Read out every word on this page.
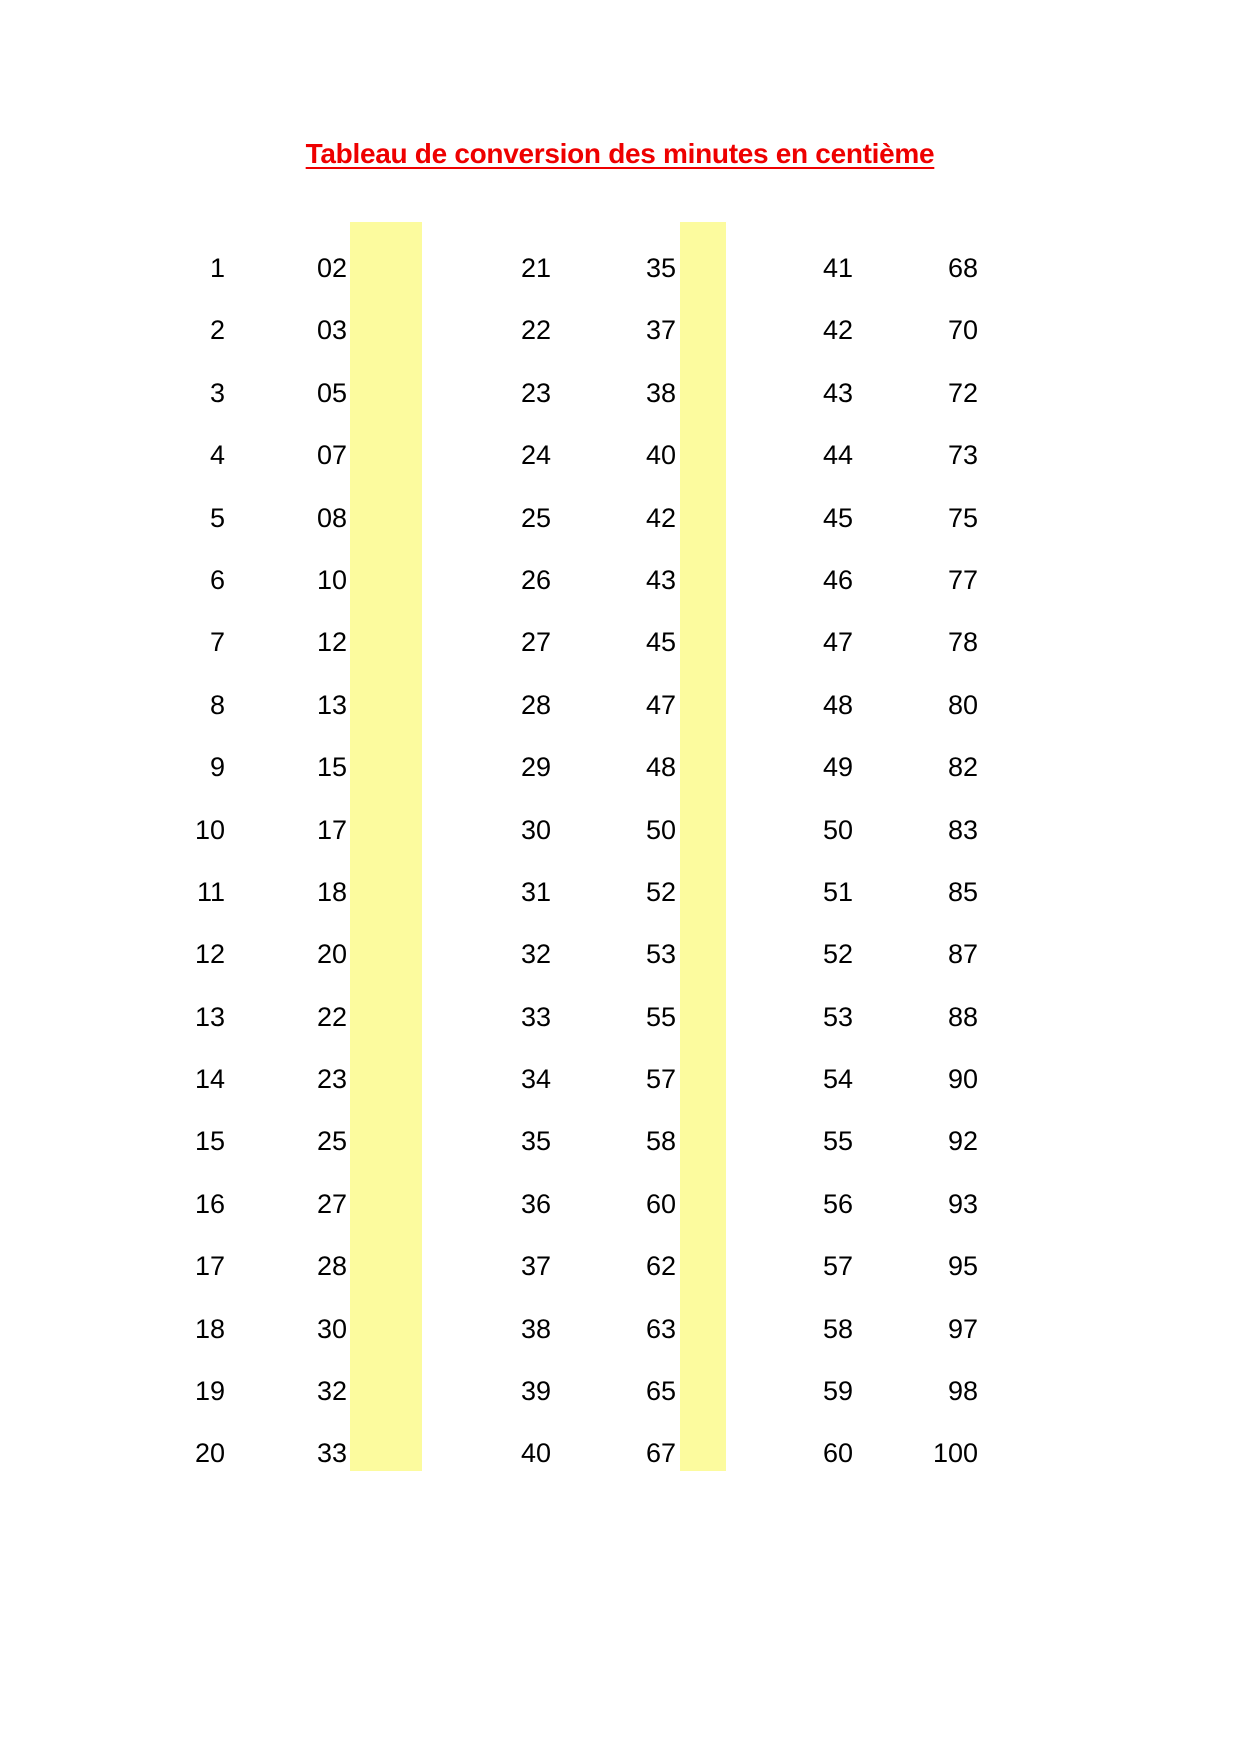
Tableau de conversion des minutes en centième
1	02	21	35	41	68
2	03	22	37	42	70
3	05	23	38	43	72
4	07	24	40	44	73
5	08	25	42	45	75
6	10	26	43	46	77
7	12	27	45	47	78
8	13	28	47	48	80
9	15	29	48	49	82
10	17	30	50	50	83
11	18	31	52	51	85
12	20	32	53	52	87
13	22	33	55	53	88
14	23	34	57	54	90
15	25	35	58	55	92
16	27	36	60	56	93
17	28	37	62	57	95
18	30	38	63	58	97
19	32	39	65	59	98
20	33	40	67	60	100
